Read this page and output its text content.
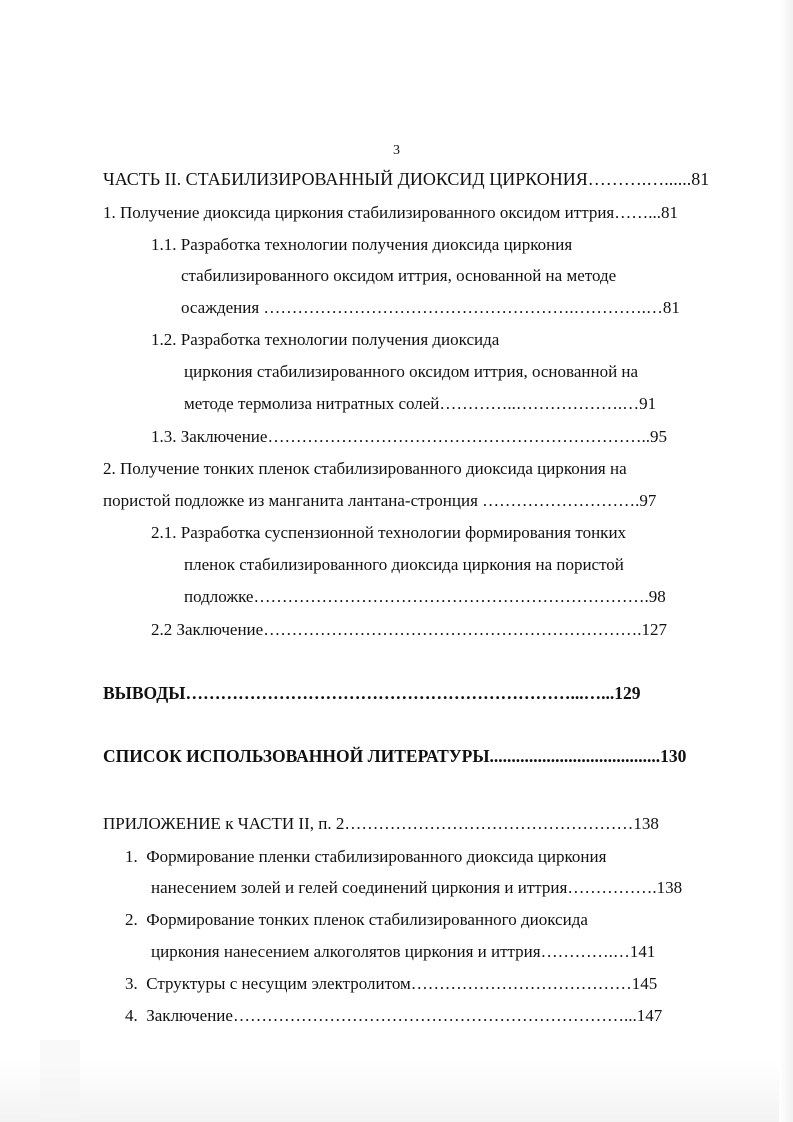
3
ЧАСТЬ II. СТАБИЛИЗИРОВАННЫЙ ДИОКСИД ЦИРКОНИЯ……….…......81
1. Получение диоксида циркония стабилизированного оксидом иттрия……...81
1.1. Разработка технологии получения диоксида циркония
стабилизированного оксидом иттрия, основанной на методе
осаждения ……………………………………………….………….…81
1.2. Разработка технологии получения диоксида
циркония стабилизированного оксидом иттрия, основанной на
методе термолиза нитратных солей…………..……………….…91
1.3. Заключение…………………………………………………………..95
2. Получение тонких пленок стабилизированного диоксида циркония на
пористой подложке из манганита лантана-стронция ……………………….97
2.1. Разработка суспензионной технологии формирования тонких
пленок стабилизированного диоксида циркония на пористой
подложке…………………………………………………………….98
2.2 Заключение………………………………………………………….127
ВЫВОДЫ…………………………………………………………...…...129
СПИСОК ИСПОЛЬЗОВАННОЙ ЛИТЕРАТУРЫ.......................................130
ПРИЛОЖЕНИЕ к ЧАСТИ II, п. 2……………………………………………138
1.  Формирование пленки стабилизированного диоксида циркония
нанесением золей и гелей соединений циркония и иттрия…………….138
2.  Формирование тонких пленок стабилизированного диоксида
циркония нанесением алкоголятов циркония и иттрия………….…141
3.  Структуры с несущим электролитом…………………………………145
4.  Заключение……………………………………………………………...147
